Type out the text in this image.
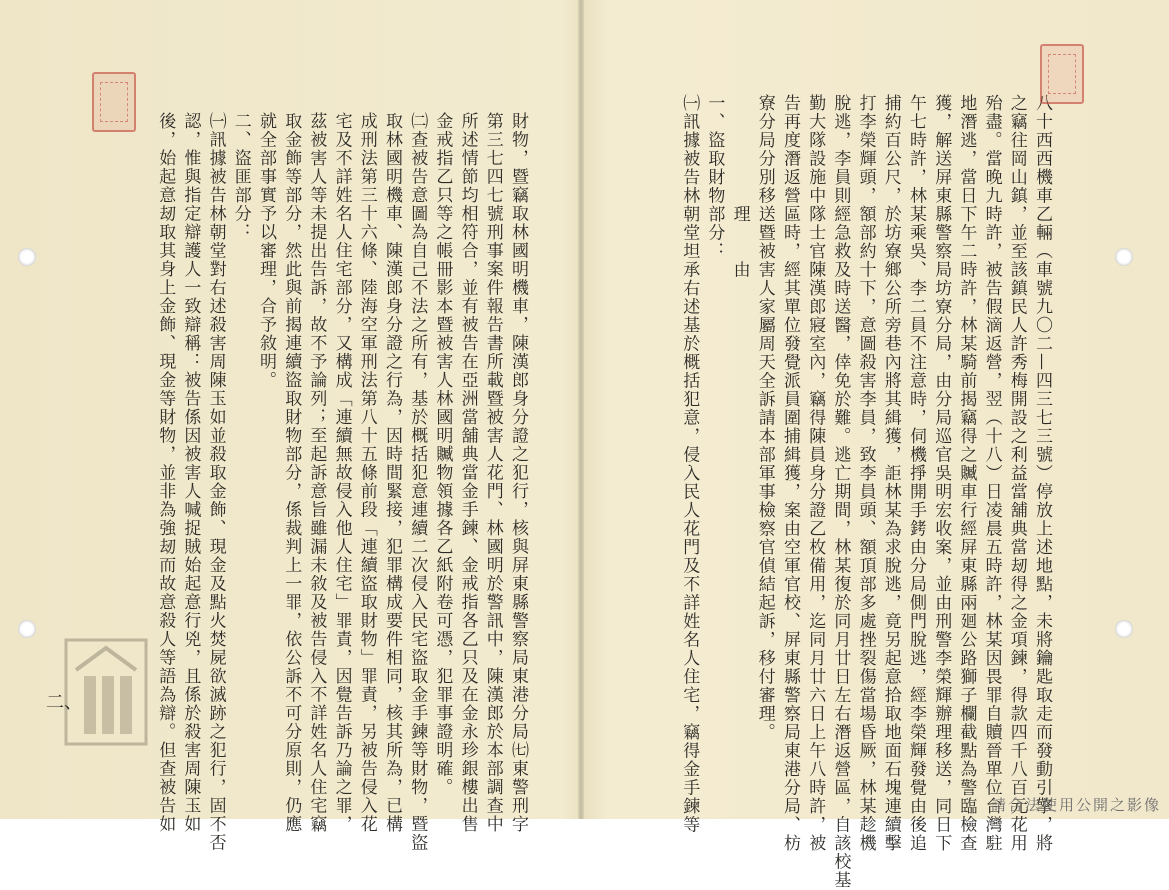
八十西西機車乙輛（車號九〇二—四三七三號）停放上述地點，未將鑰匙取走而發動引擎，將
之竊往岡山鎮，並至該鎮民人許秀梅開設之利益當舖典當刼得之金項鍊，得款四千八百元花用
殆盡。當晚九時許，被告假滴返營，翌（十八）日凌晨五時許，林某因畏罪自贖晉單位台灣駐
地潛逃，當日下午二時許，林某騎前揭竊得之贓車行經屏東縣兩廻公路獅子欄截點為警臨檢查
獲，解送屏東縣警察局坊寮分局，由分局巡官吳明宏收案，並由刑警李榮輝辦理移送，同日下
午七時許，林某乘吳、李二員不注意時，伺機掙開手銬由分局側門脫逃，經李榮輝發覺由後追
捕約百公尺，於坊寮鄉公所旁巷內將其緝獲，詎林某為求脫逃，竟另起意拾取地面石塊連續擊
打李榮輝頭，額部約十下，意圖殺害李員，致李員頭、額頂部多處挫裂傷當場昏厥，林某趁機
脫逃，李員則經急救及時送醫，倖免於難。逃亡期間，林某復於同月廿日左右潛返營區，自該校基
勤大隊設施中隊士官陳漢郎寢室內，竊得陳員身分證乙枚備用，迄同月廿六日上午八時許，被
告再度潛返營區時，經其單位發覺派員圍捕緝獲，案由空軍官校、屏東縣警察局東港分局、枋
寮分局分別移送暨被害人家屬周天全訴請本部軍事檢察官偵結起訴，移付審理。
　　　　　　理　　由
一、盜取財物部分：
㈠訊據被告林朝堂坦承右述基於概括犯意，侵入民人花門及不詳姓名人住宅，竊得金手鍊等
財物，暨竊取林國明機車，陳漢郎身分證之犯行，核與屏東縣警察局東港分局㈦東警刑字
第三七四七號刑事案件報告書所載暨被害人花門、林國明於警訊中，陳漢郎於本部調查中
所述情節均相符合，並有被告在亞洲當舖典當金手鍊、金戒指各乙只及在金永珍銀樓出售
金戒指乙只等之帳冊影本暨被害人林國明贓物領據各乙紙附卷可憑，犯罪事證明確。
㈡查被告意圖為自己不法之所有，基於概括犯意連續二次侵入民宅盜取金手鍊等財物，暨盜
取林國明機車、陳漢郎身分證之行為，因時間緊接，犯罪構成要件相同，核其所為，已構
成刑法第三十六條、陸海空軍刑法第八十五條前段「連續盜取財物」罪責，另被告侵入花
宅及不詳姓名人住宅部分，又構成「連續無故侵入他人住宅」罪責，因覺告訴乃論之罪，
茲被害人等未提出告訴，故不予論列；至起訴意旨雖漏未敘及被告侵入不詳姓名人住宅竊
取金飾等部分，然此與前揭連續盜取財物部分，係裁判上一罪，依公訴不可分原則，仍應
就全部事實予以審理，合予敘明。
二、盜匪部分：
㈠訊據被告林朝堂對右述殺害周陳玉如並殺取金飾、現金及點火焚屍欲滅跡之犯行，固不否
認，惟與指定辯護人一致辯稱：被告係因被害人喊捉賊始起意行兇，且係於殺害周陳玉如
後，始起意刼取其身上金飾、現金等財物，並非為強刼而故意殺人等語為辯。但查被告如
二、
請合法使用公開之影像
